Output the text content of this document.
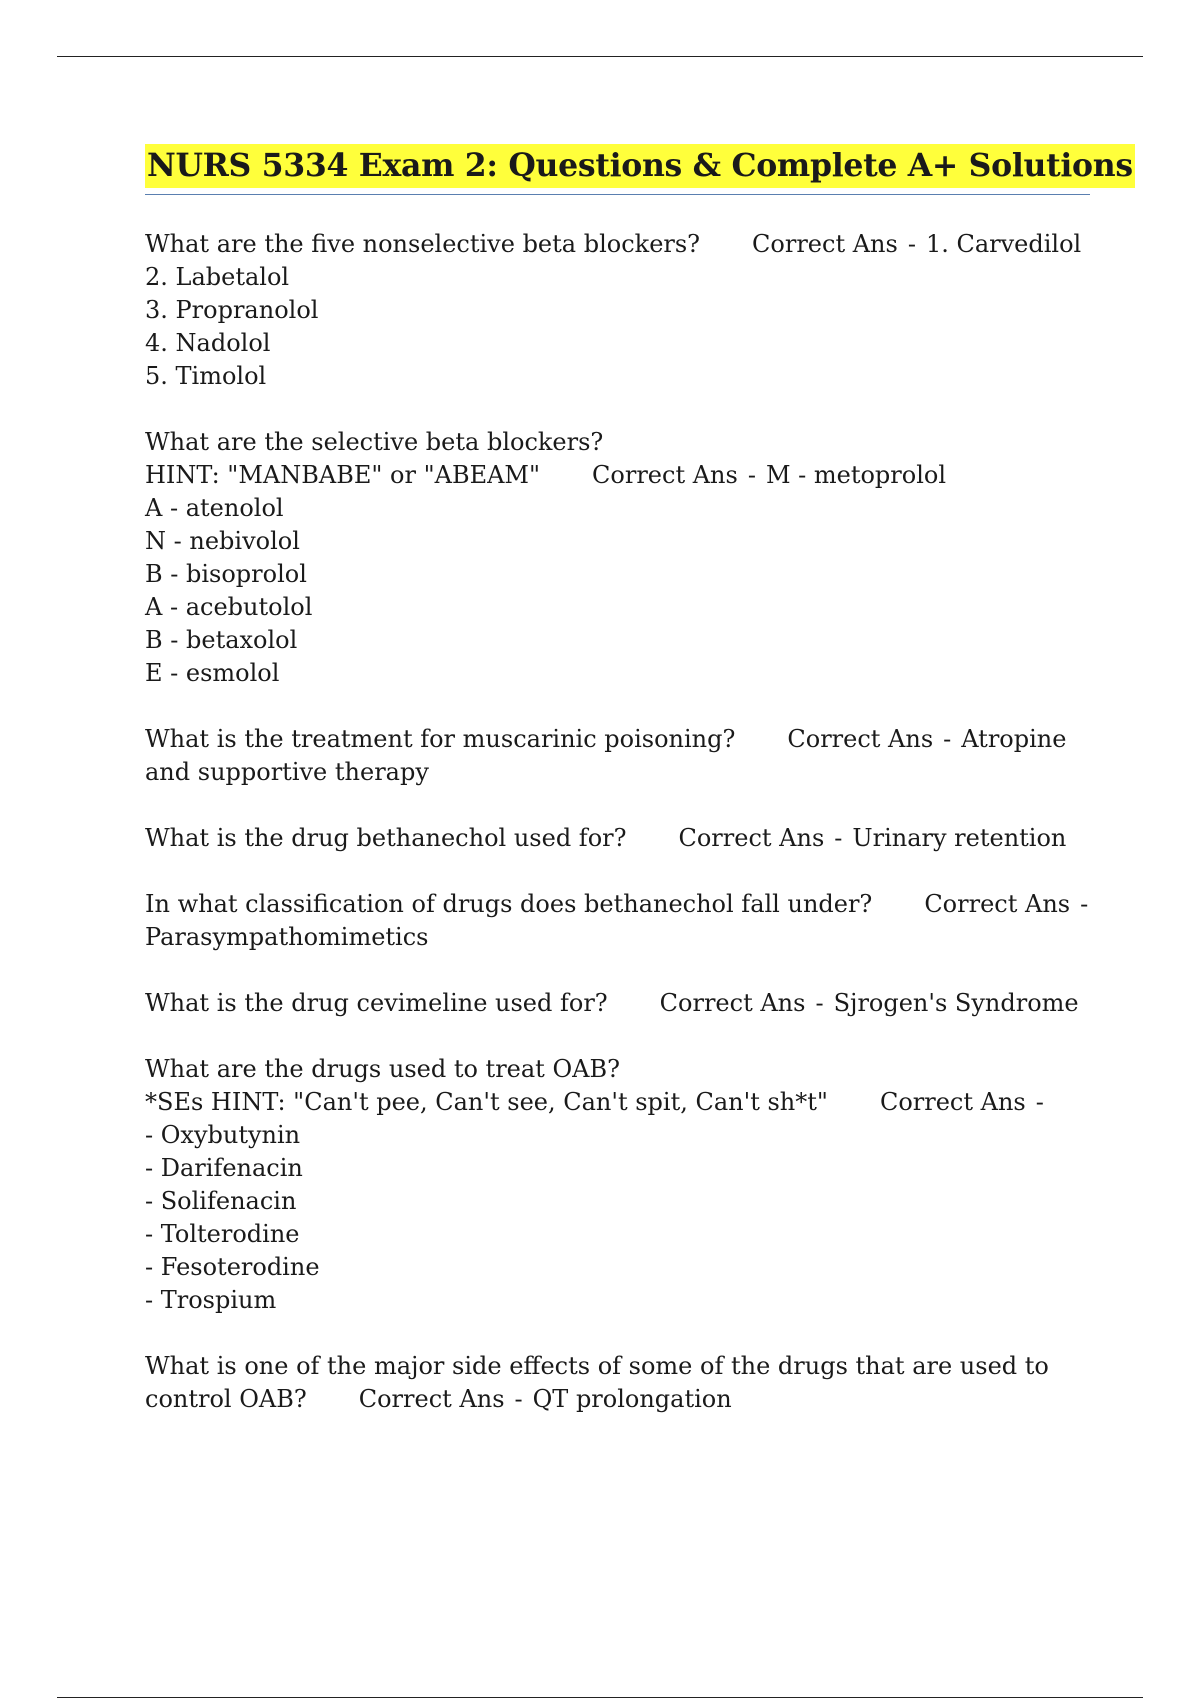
NURS 5334 Exam 2: Questions & Complete A+ Solutions
What are the five nonselective beta blockers? Correct Ans - 1. Carvedilol
2. Labetalol
3. Propranolol
4. Nadolol
5. Timolol
What are the selective beta blockers?
HINT: "MANBABE" or "ABEAM" Correct Ans - M - metoprolol
A - atenolol
N - nebivolol
B - bisoprolol
A - acebutolol
B - betaxolol
E - esmolol
What is the treatment for muscarinic poisoning? Correct Ans - Atropine and supportive therapy
What is the drug bethanechol used for? Correct Ans - Urinary retention
In what classification of drugs does bethanechol fall under? Correct Ans -
Parasympathomimetics
What is the drug cevimeline used for? Correct Ans - Sjrogen's Syndrome
What are the drugs used to treat OAB?
*SEs HINT: "Can't pee, Can't see, Can't spit, Can't sh*t" Correct Ans -
- Oxybutynin
- Darifenacin
- Solifenacin
- Tolterodine
- Fesoterodine
- Trospium
What is one of the major side effects of some of the drugs that are used to control OAB? Correct Ans - QT prolongation
